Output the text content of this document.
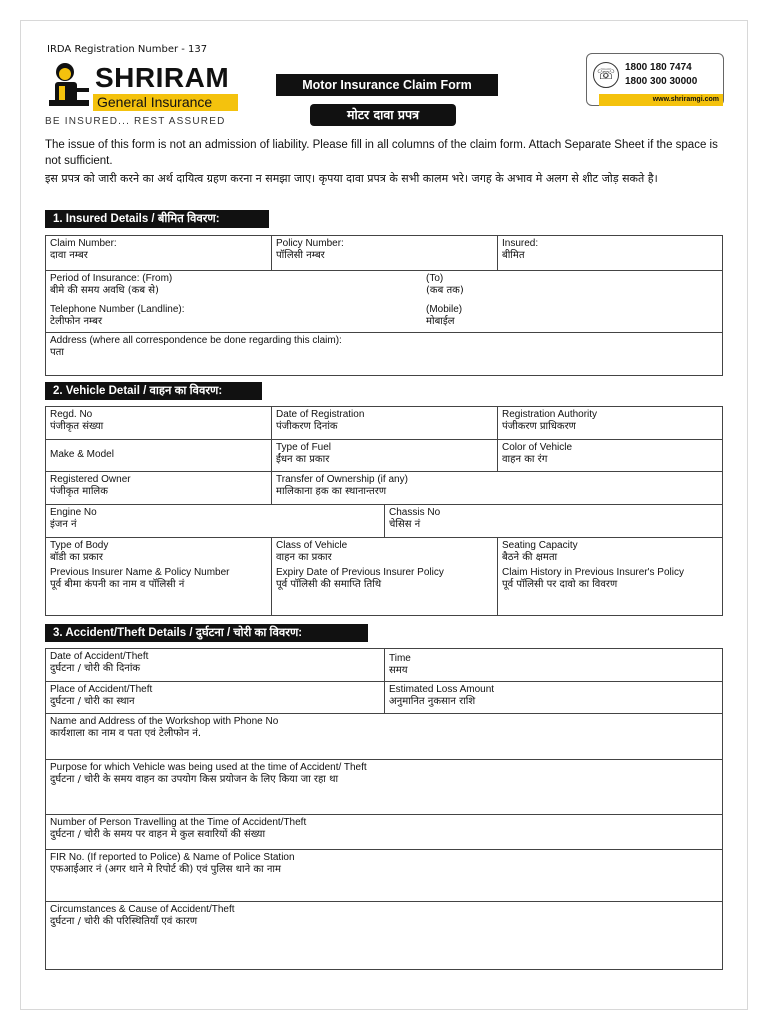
IRDA Registration Number - 137
SHRIRAM
General Insurance
BE INSURED... REST ASSURED
Motor Insurance Claim Form
मोटर दावा प्रपत्र
☏ 1800 180 7474
1800 300 30000
www.shriramgi.com
The issue of this form is not an admission of liability. Please fill in all columns of the claim form. Attach Separate Sheet if the space is not sufficient.
इस प्रपत्र को जारी करने का अर्थ दायित्व ग्रहण करना न समझा जाए। कृपया दावा प्रपत्र के सभी कालम भरे। जगह के अभाव मे अलग से शीट जोड़ सकते है।
1. Insured Details / बीमित विवरण:
Claim Number:
दावा नम्बर
Policy Number:
पॉलिसी नम्बर
Insured:
बीमित
Period of Insurance: (From)
बीमे की समय अवधि (कब से)
(To)
(कब तक)
Telephone Number (Landline):
टेलीफोन नम्बर
(Mobile)
मोबाईल
Address (where all correspondence be done regarding this claim):
पता
2. Vehicle Detail / वाहन का विवरण:
Regd. No
पंजीकृत संख्या
Date of Registration
पंजीकरण दिनांक
Registration Authority
पंजीकरण प्राधिकरण
Make & Model
Type of Fuel
ईंधन का प्रकार
Color of Vehicle
वाहन का रंग
Registered Owner
पंजीकृत मालिक
Transfer of Ownership (if any)
मालिकाना हक का स्थानान्तरण
Engine No
इंजन नं
Chassis No
चेसिस नं
Type of Body
बॉडी का प्रकार
Class of Vehicle
वाहन का प्रकार
Seating Capacity
बैठने की क्षमता
Previous Insurer Name & Policy Number
पूर्व बीमा कंपनी का नाम व पॉलिसी नं
Expiry Date of Previous Insurer Policy
पूर्व पॉलिसी की समाप्ति तिथि
Claim History in Previous Insurer's Policy
पूर्व पॉलिसी पर दावो का विवरण
3. Accident/Theft Details / दुर्घटना / चोरी का विवरण:
Date of Accident/Theft
दुर्घटना / चोरी की दिनांक
Time
समय
Place of Accident/Theft
दुर्घटना / चोरी का स्थान
Estimated Loss Amount
अनुमानित नुकसान राशि
Name and Address of the Workshop with Phone No
कार्यशाला का नाम व पता एवं टेलीफोन नं.
Purpose for which Vehicle was being used at the time of Accident/ Theft
दुर्घटना / चोरी के समय वाहन का उपयोग किस प्रयोजन के लिए किया जा रहा था
Number of Person Travelling at the Time of Accident/Theft
दुर्घटना / चोरी के समय पर वाहन मे कुल सवारियों की संख्या
FIR No. (If reported to Police) & Name of Police Station
एफआईआर नं (अगर थाने मे रिपोर्ट की) एवं पुलिस थाने का नाम
Circumstances & Cause of Accident/Theft
दुर्घटना / चोरी की परिस्थितियाँ एवं कारण
